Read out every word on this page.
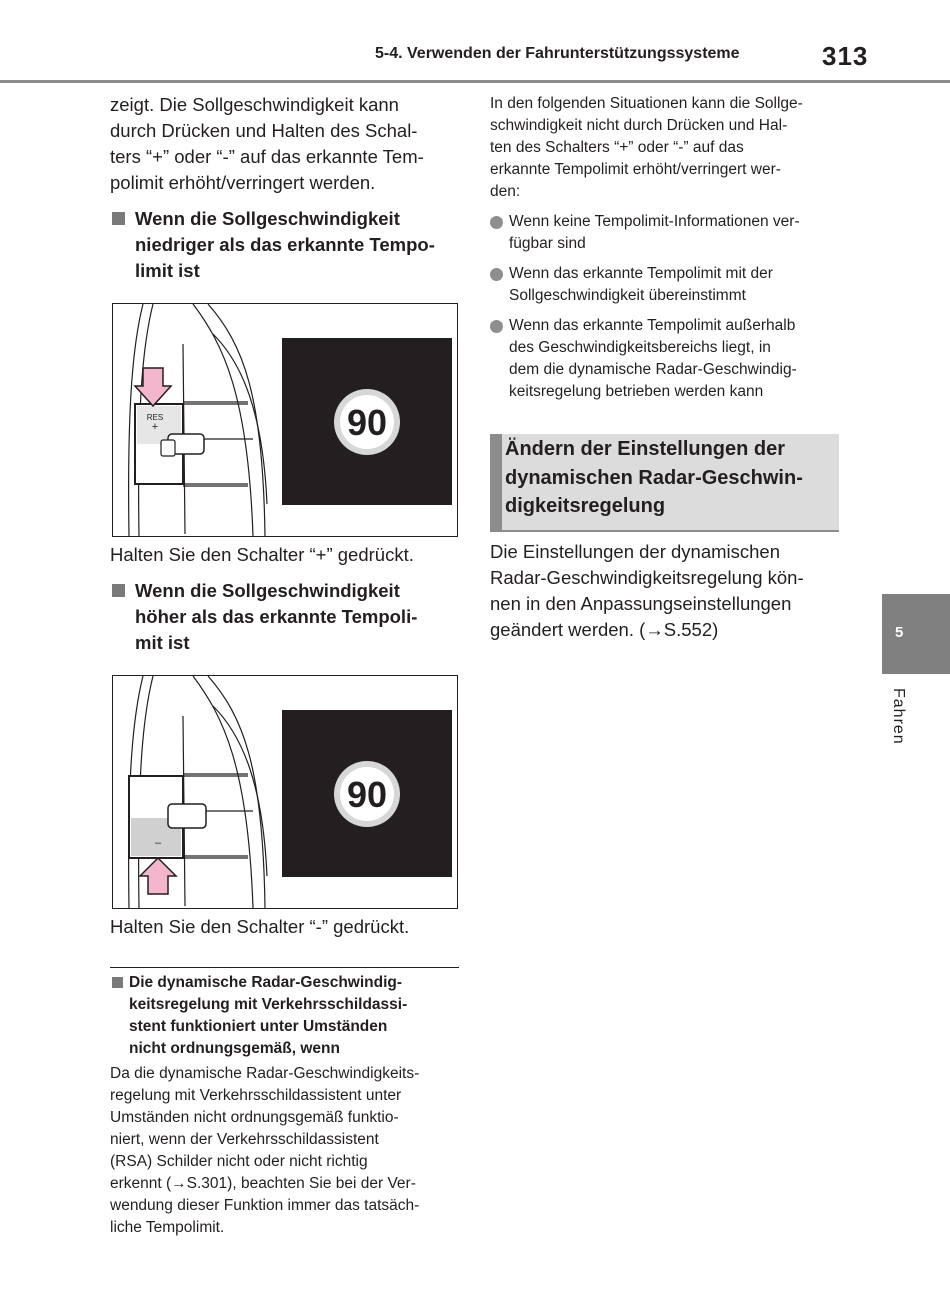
5-4. Verwenden der Fahrunterstützungssysteme	313
zeigt. Die Sollgeschwindigkeit kann
durch Drücken und Halten des Schal-
ters “+” oder “-” auf das erkannte Tem-
polimit erhöht/verringert werden.
Wenn die Sollgeschwindigkeit
niedriger als das erkannte Tempo-
limit ist
RES
+	90
Halten Sie den Schalter “+” gedrückt.
Wenn die Sollgeschwindigkeit
höher als das erkannte Tempoli-
mit ist
–
90
Halten Sie den Schalter “-” gedrückt.
Die dynamische Radar-Geschwindig-
keitsregelung mit Verkehrsschildassi-
stent funktioniert unter Umständen
nicht ordnungsgemäß, wenn
Da die dynamische Radar-Geschwindigkeits-
regelung mit Verkehrsschildassistent unter
Umständen nicht ordnungsgemäß funktio-
niert, wenn der Verkehrsschildassistent
(RSA) Schilder nicht oder nicht richtig
erkennt (→S.301), beachten Sie bei der Ver-
wendung dieser Funktion immer das tatsäch-
liche Tempolimit.
In den folgenden Situationen kann die Sollge-
schwindigkeit nicht durch Drücken und Hal-
ten des Schalters “+” oder “-” auf das
erkannte Tempolimit erhöht/verringert wer-
den:
Wenn keine Tempolimit-Informationen ver-
fügbar sind
Wenn das erkannte Tempolimit mit der
Sollgeschwindigkeit übereinstimmt
Wenn das erkannte Tempolimit außerhalb
des Geschwindigkeitsbereichs liegt, in
dem die dynamische Radar-Geschwindig-
keitsregelung betrieben werden kann
Ändern der Einstellungen der
dynamischen Radar-Geschwin-
digkeitsregelung
Die Einstellungen der dynamischen
Radar-Geschwindigkeitsregelung kön-
nen in den Anpassungseinstellungen
geändert werden. (→S.552)	5
Fahren
